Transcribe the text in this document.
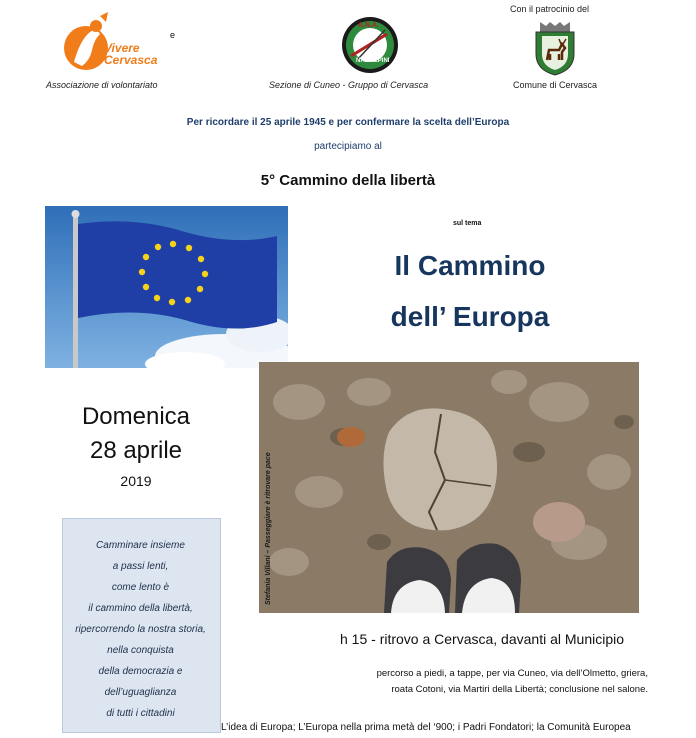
Vivere
Cervasca
Associazione di volontariato
e
A.N.A.
NAZ ALPINI
Sezione di Cuneo - Gruppo di Cervasca
Con il patrocinio del
Comune di Cervasca
Per ricordare il 25 aprile 1945 e per confermare la scelta dell’Europa
partecipiamo al
5° Cammino della libertà
sul tema
Il Cammino
dell’ Europa
Domenica
28 aprile
2019	Stefania Villani – Passeggiare è ritrovare pace
Camminare insieme
a passi lenti,
come lento è
il cammino della libertà,
ripercorrendo la nostra storia,
nella conquista
della democrazia e
dell’uguaglianza
di tutti i cittadini
h 15 - ritrovo a Cervasca, davanti al Municipio
percorso a piedi, a tappe, per via Cuneo, via dell’Olmetto, griera,
roata Cotoni, via Martiri della Libertà; conclusione nel salone.
L’idea di Europa; L’Europa nella prima metà del ‘900; i Padri Fondatori; la Comunità Europea
